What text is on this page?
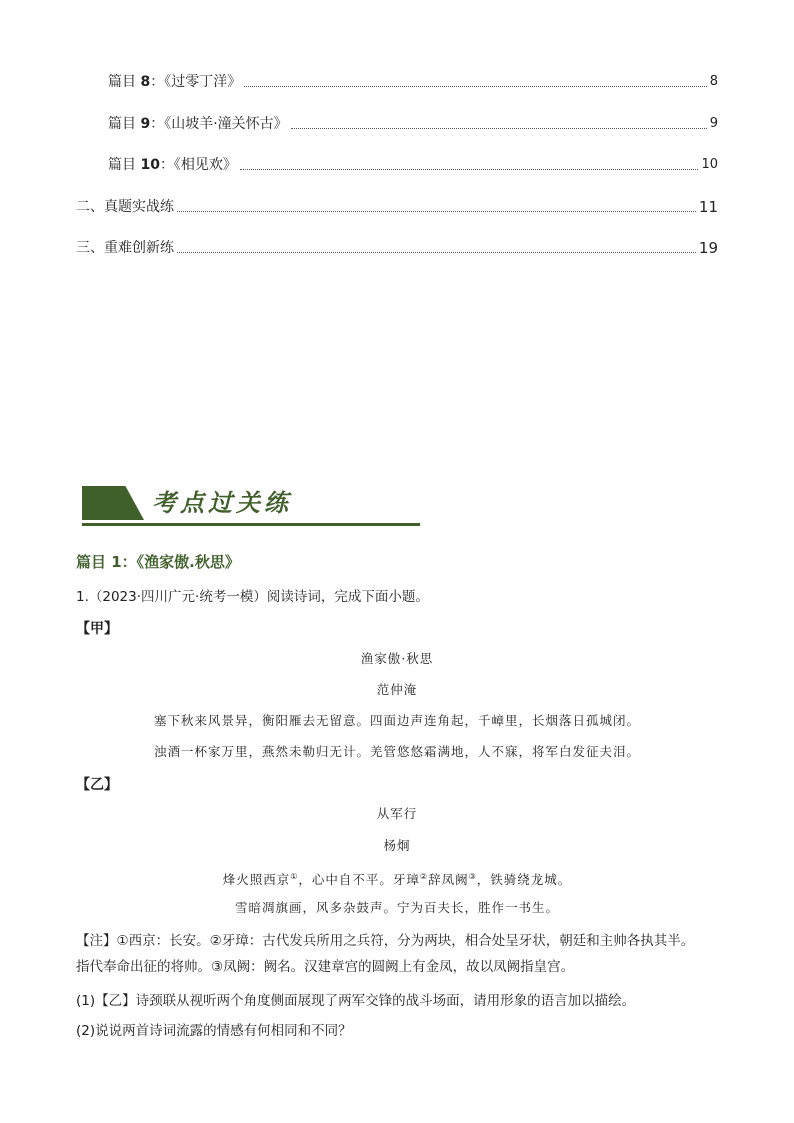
篇目 8：《过零丁洋》	8
篇目 9：《山坡羊·潼关怀古》	9
篇目 10：《相见欢》	10
二、真题实战练	11
三、重难创新练	19
考点过关练
篇目 1：《渔家傲.秋思》
1.（2023·四川广元·统考一模）阅读诗词，完成下面小题。
【甲】
渔家傲·秋思
范仲淹
塞下秋来风景异，衡阳雁去无留意。四面边声连角起，千嶂里，长烟落日孤城闭。
浊酒一杯家万里，燕然未勒归无计。羌管悠悠霜满地，人不寐，将军白发征夫泪。
【乙】
从军行
杨炯
烽火照西京①，心中自不平。牙璋②辞凤阙③，铁骑绕龙城。
雪暗凋旗画，风多杂鼓声。宁为百夫长，胜作一书生。
【注】①西京：长安。②牙璋：古代发兵所用之兵符，分为两块，相合处呈牙状，朝廷和主帅各执其半。
指代奉命出征的将帅。③凤阙：阙名。汉建章宫的圆阙上有金凤，故以凤阙指皇宫。
(1)【乙】诗颈联从视听两个角度侧面展现了两军交锋的战斗场面，请用形象的语言加以描绘。
(2)说说两首诗词流露的情感有何相同和不同？
